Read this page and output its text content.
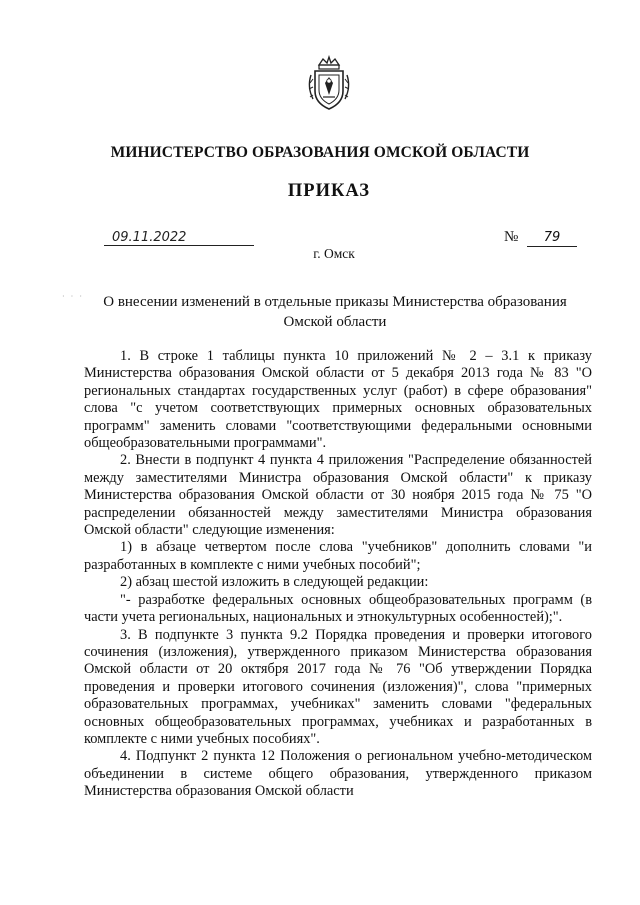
МИНИСТЕРСТВО ОБРАЗОВАНИЯ ОМСКОЙ ОБЛАСТИ
ПРИКАЗ
09.11.2022	№	79
г. Омск
· · ·	О внесении изменений в отдельные приказы Министерства образования
Омской области

1. В строке 1 таблицы пункта 10 приложений № 2 – 3.1 к приказу Министерства образования Омской области от 5 декабря 2013 года № 83 "О региональных стандартах государственных услуг (работ) в сфере образования" слова "с учетом соответствующих примерных основных образовательных программ" заменить словами "соответствующими федеральными основными общеобразовательными программами".

2. Внести в подпункт 4 пункта 4 приложения "Распределение обязанностей между заместителями Министра образования Омской области" к приказу Министерства образования Омской области от 30 ноября 2015 года № 75 "О распределении обязанностей между заместителями Министра образования Омской области" следующие изменения:

1) в абзаце четвертом после слова "учебников" дополнить словами "и разработанных в комплекте с ними учебных пособий";

2) абзац шестой изложить в следующей редакции:

"- разработке федеральных основных общеобразовательных программ (в части учета региональных, национальных и этнокультурных особенностей);".

3. В подпункте 3 пункта 9.2 Порядка проведения и проверки итогового сочинения (изложения), утвержденного приказом Министерства образования Омской области от 20 октября 2017 года № 76 "Об утверждении Порядка проведения и проверки итогового сочинения (изложения)", слова "примерных образовательных программах, учебниках" заменить словами "федеральных основных общеобразовательных программах, учебниках и разработанных в комплекте с ними учебных пособиях".

4. Подпункт 2 пункта 12 Положения о региональном учебно-методическом объединении в системе общего образования, утвержденного приказом Министерства образования Омской области
